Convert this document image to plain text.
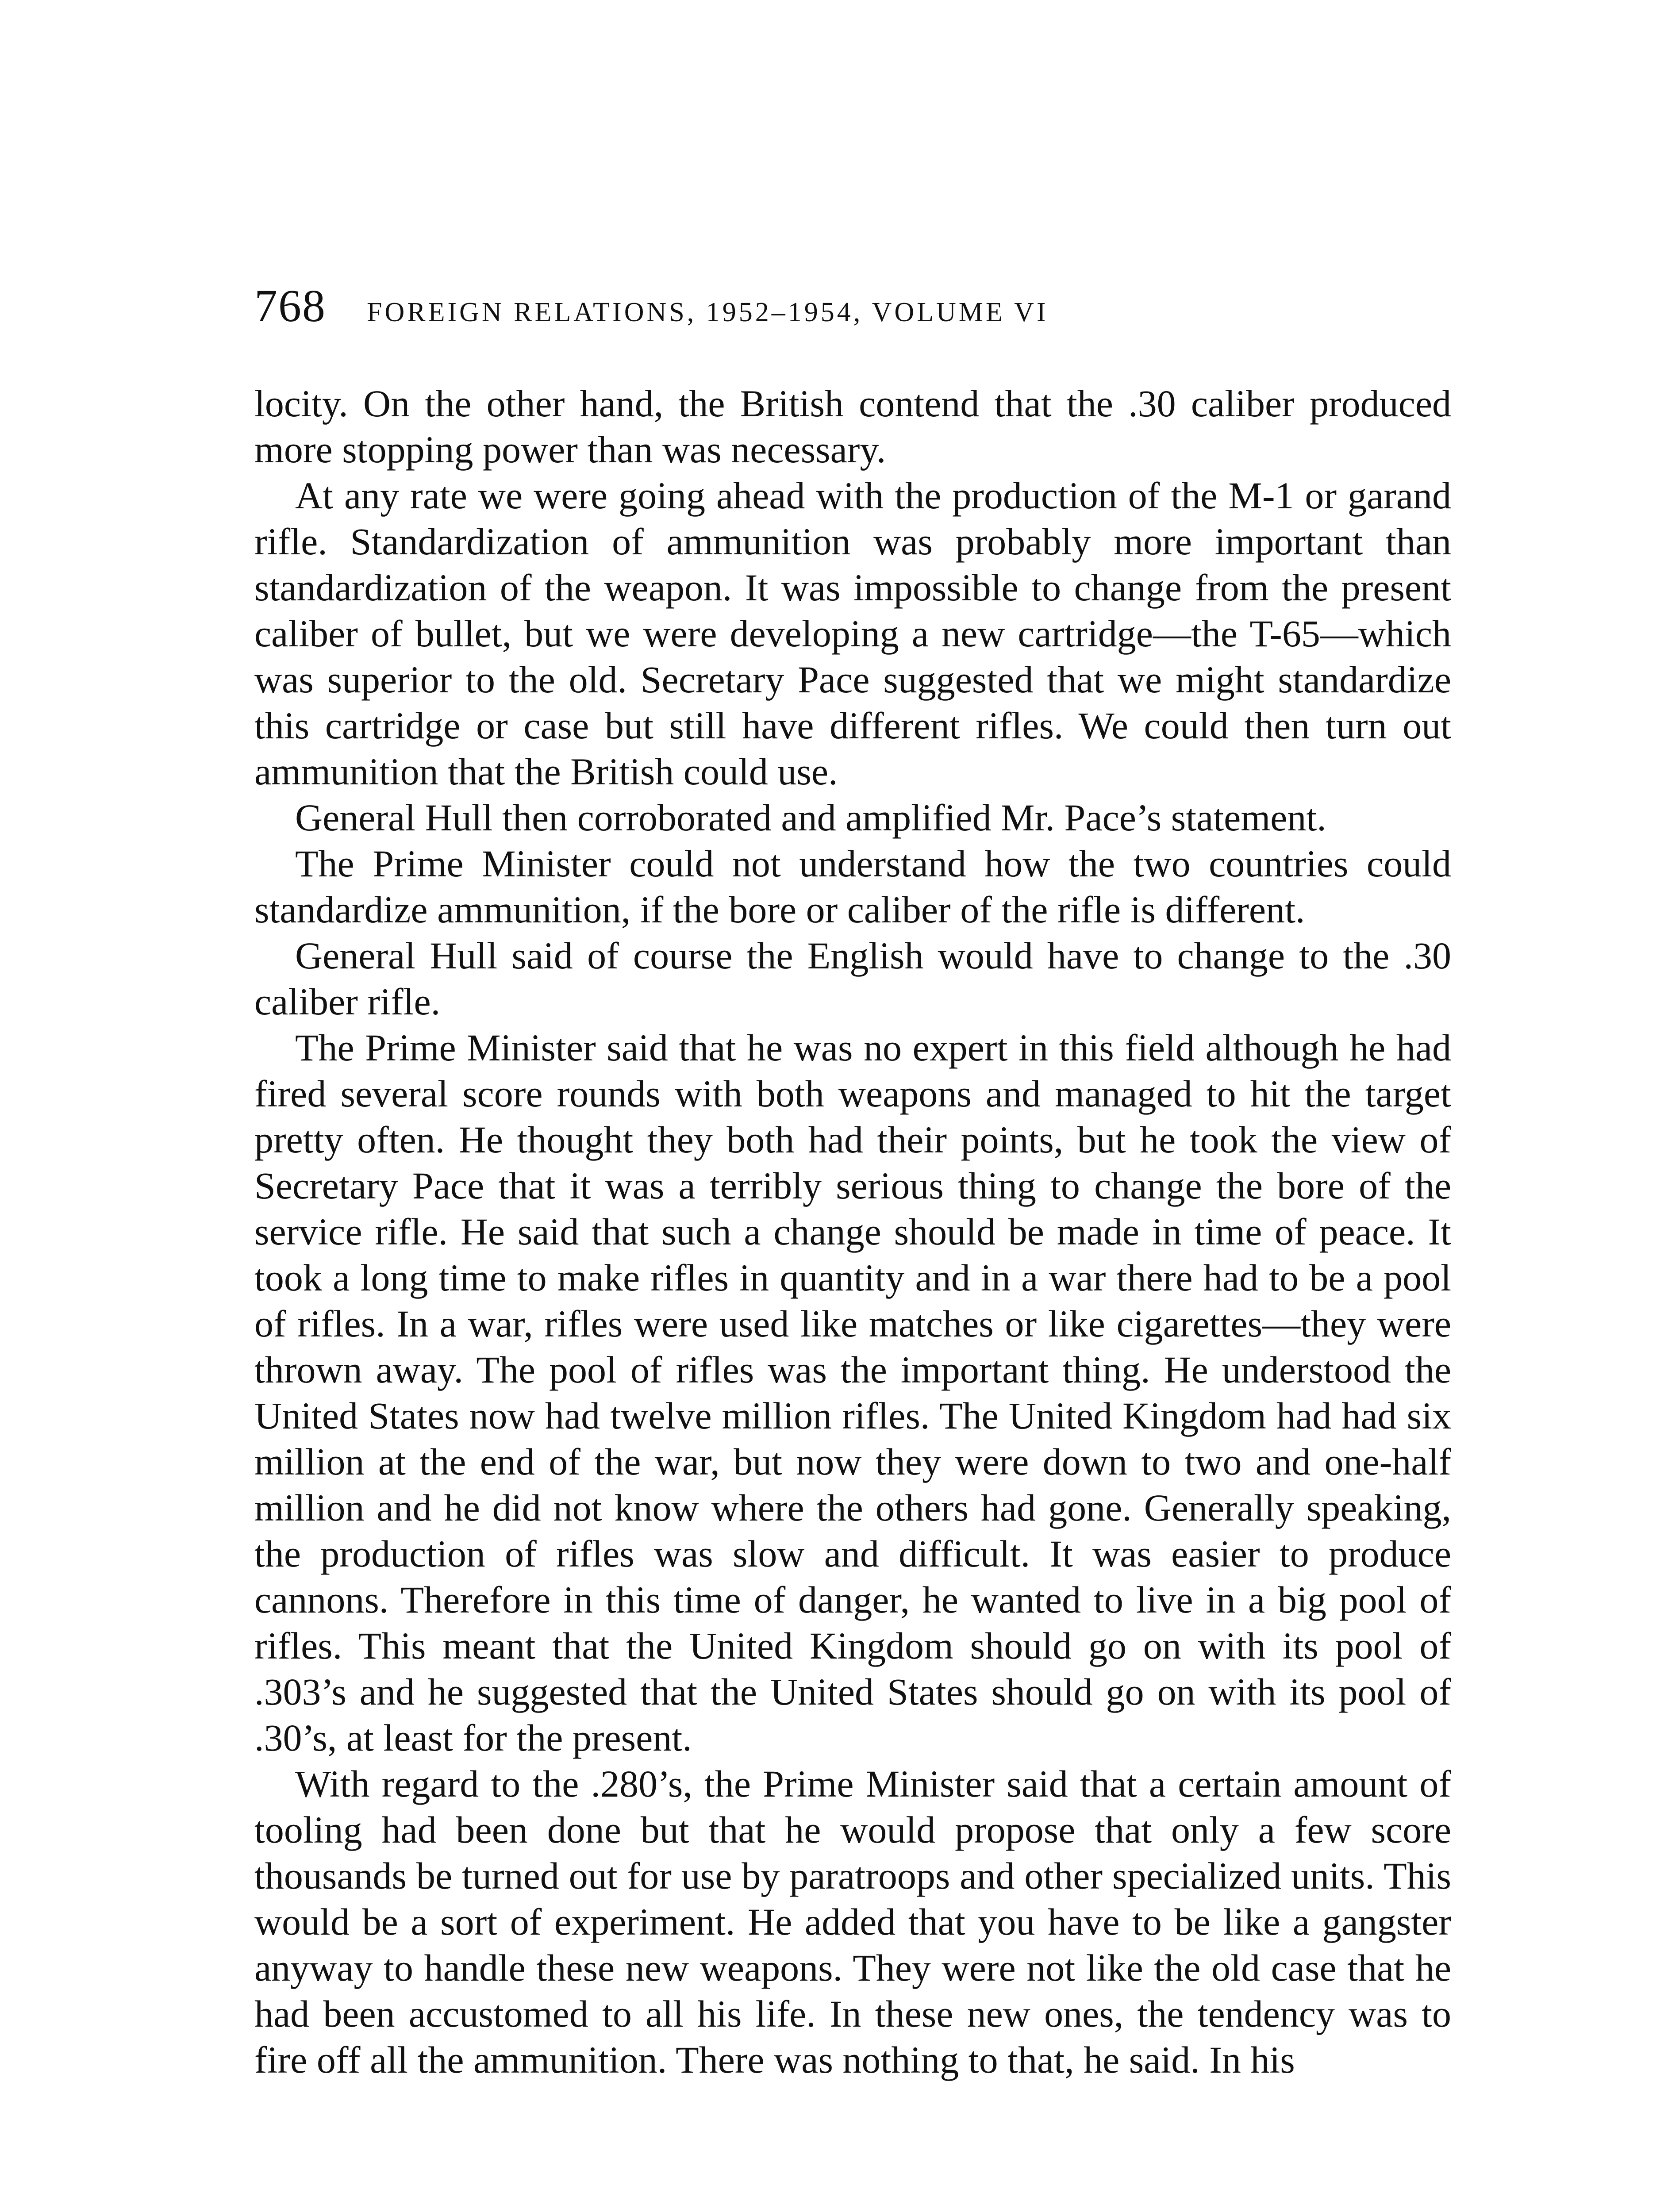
768 FOREIGN RELATIONS, 1952–1954, VOLUME VI

locity. On the other hand, the British contend that the .30 caliber produced more stopping power than was necessary.

At any rate we were going ahead with the production of the M-1 or garand rifle. Standardization of ammunition was probably more important than standardization of the weapon. It was impossible to change from the present caliber of bullet, but we were developing a new cartridge—the T-65—which was superior to the old. Secretary Pace suggested that we might standardize this cartridge or case but still have different rifles. We could then turn out ammunition that the British could use.

General Hull then corroborated and amplified Mr. Pace’s statement.

The Prime Minister could not understand how the two countries could standardize ammunition, if the bore or caliber of the rifle is different.

General Hull said of course the English would have to change to the .30 caliber rifle.

The Prime Minister said that he was no expert in this field although he had fired several score rounds with both weapons and managed to hit the target pretty often. He thought they both had their points, but he took the view of Secretary Pace that it was a terribly serious thing to change the bore of the service rifle. He said that such a change should be made in time of peace. It took a long time to make rifles in quantity and in a war there had to be a pool of rifles. In a war, rifles were used like matches or like cigarettes—they were thrown away. The pool of rifles was the important thing. He understood the United States now had twelve million rifles. The United Kingdom had had six million at the end of the war, but now they were down to two and one-half million and he did not know where the others had gone. Generally speaking, the production of rifles was slow and difficult. It was easier to produce cannons. Therefore in this time of danger, he wanted to live in a big pool of rifles. This meant that the United Kingdom should go on with its pool of .303’s and he suggested that the United States should go on with its pool of .30’s, at least for the present.

With regard to the .280’s, the Prime Minister said that a certain amount of tooling had been done but that he would propose that only a few score thousands be turned out for use by paratroops and other specialized units. This would be a sort of experiment. He added that you have to be like a gangster anyway to handle these new weapons. They were not like the old case that he had been accustomed to all his life. In these new ones, the tendency was to fire off all the ammunition. There was nothing to that, he said. In his
